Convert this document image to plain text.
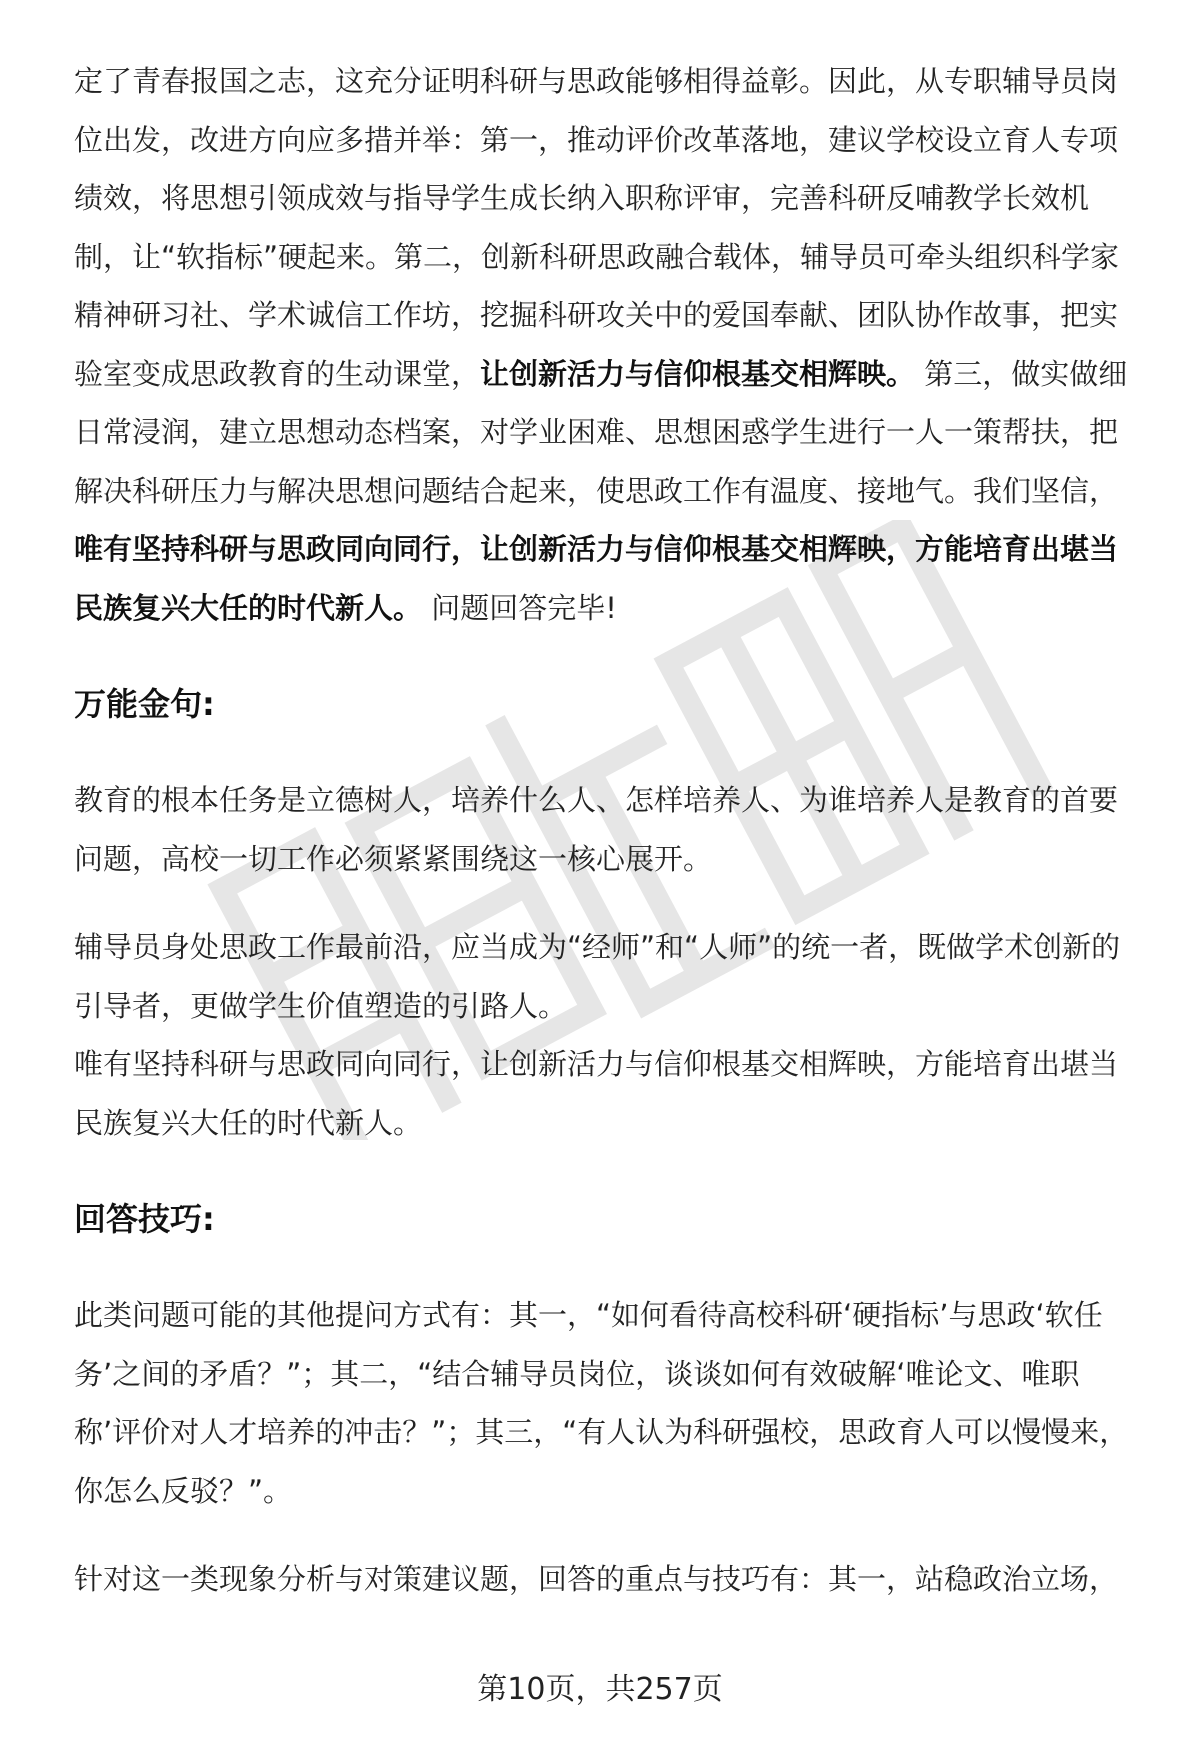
定了青春报国之志，这充分证明科研与思政能够相得益彰。因此，从专职辅导员岗位出发，改进方向应多措并举：第一，推动评价改革落地，建议学校设立育人专项绩效，将思想引领成效与指导学生成长纳入职称评审，完善科研反哺教学长效机制，让“软指标”硬起来。第二，创新科研思政融合载体，辅导员可牵头组织科学家精神研习社、学术诚信工作坊，挖掘科研攻关中的爱国奉献、团队协作故事，把实验室变成思政教育的生动课堂，让创新活力与信仰根基交相辉映。 第三，做实做细日常浸润，建立思想动态档案，对学业困难、思想困惑学生进行一人一策帮扶，把解决科研压力与解决思想问题结合起来，使思政工作有温度、接地气。我们坚信，唯有坚持科研与思政同向同行，让创新活力与信仰根基交相辉映，方能培育出堪当民族复兴大任的时代新人。 问题回答完毕!

万能金句:

教育的根本任务是立德树人，培养什么人、怎样培养人、为谁培养人是教育的首要问题，高校一切工作必须紧紧围绕这一核心展开。

辅导员身处思政工作最前沿，应当成为“经师”和“人师”的统一者，既做学术创新的引导者，更做学生价值塑造的引路人。

唯有坚持科研与思政同向同行，让创新活力与信仰根基交相辉映，方能培育出堪当民族复兴大任的时代新人。

回答技巧:

此类问题可能的其他提问方式有：其一，“如何看待高校科研‘硬指标’与思政‘软任务’之间的矛盾？”；其二，“结合辅导员岗位，谈谈如何有效破解‘唯论文、唯职称’评价对人才培养的冲击？”；其三，“有人认为科研强校，思政育人可以慢慢来，你怎么反驳？”。

针对这一类现象分析与对策建议题，回答的重点与技巧有：其一，站稳政治立场，

第10页，共257页
